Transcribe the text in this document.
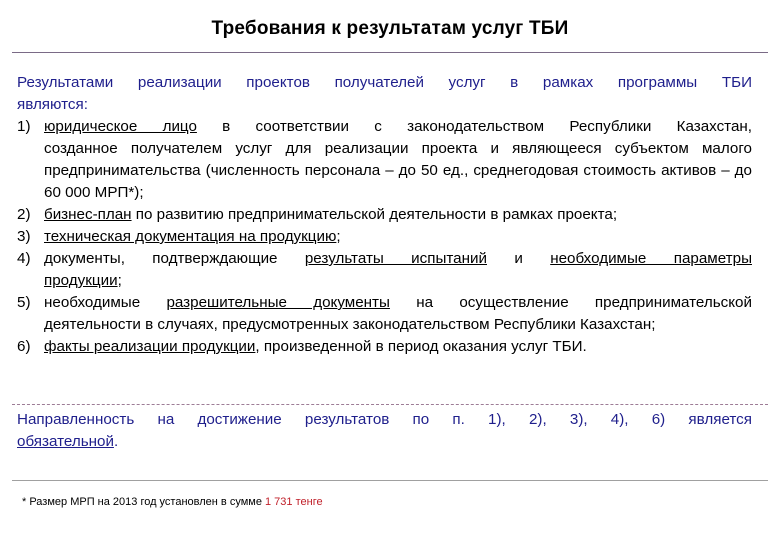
Требования к результатам услуг ТБИ
Результатами реализации проектов получателей услуг в рамках программы ТБИ
являются:
1) юридическое лицо в соответствии с законодательством Республики Казахстан,
созданное получателем услуг для реализации проекта и являющееся субъектом малого предпринимательства (численность персонала – до 50 ед., среднегодовая стоимость активов – до 60 000 МРП*);
2) бизнес-план по развитию предпринимательской деятельности в рамках проекта;
3) техническая документация на продукцию;
4) документы, подтверждающие результаты испытаний и необходимые параметры
продукции;
5) необходимые разрешительные документы на осуществление предпринимательской
деятельности в случаях, предусмотренных законодательством Республики Казахстан;
6) факты реализации продукции, произведенной в период оказания услуг ТБИ.
Направленность на достижение результатов по п. 1), 2), 3), 4), 6) является
обязательной.
* Размер МРП на 2013 год установлен в сумме 1 731 тенге
